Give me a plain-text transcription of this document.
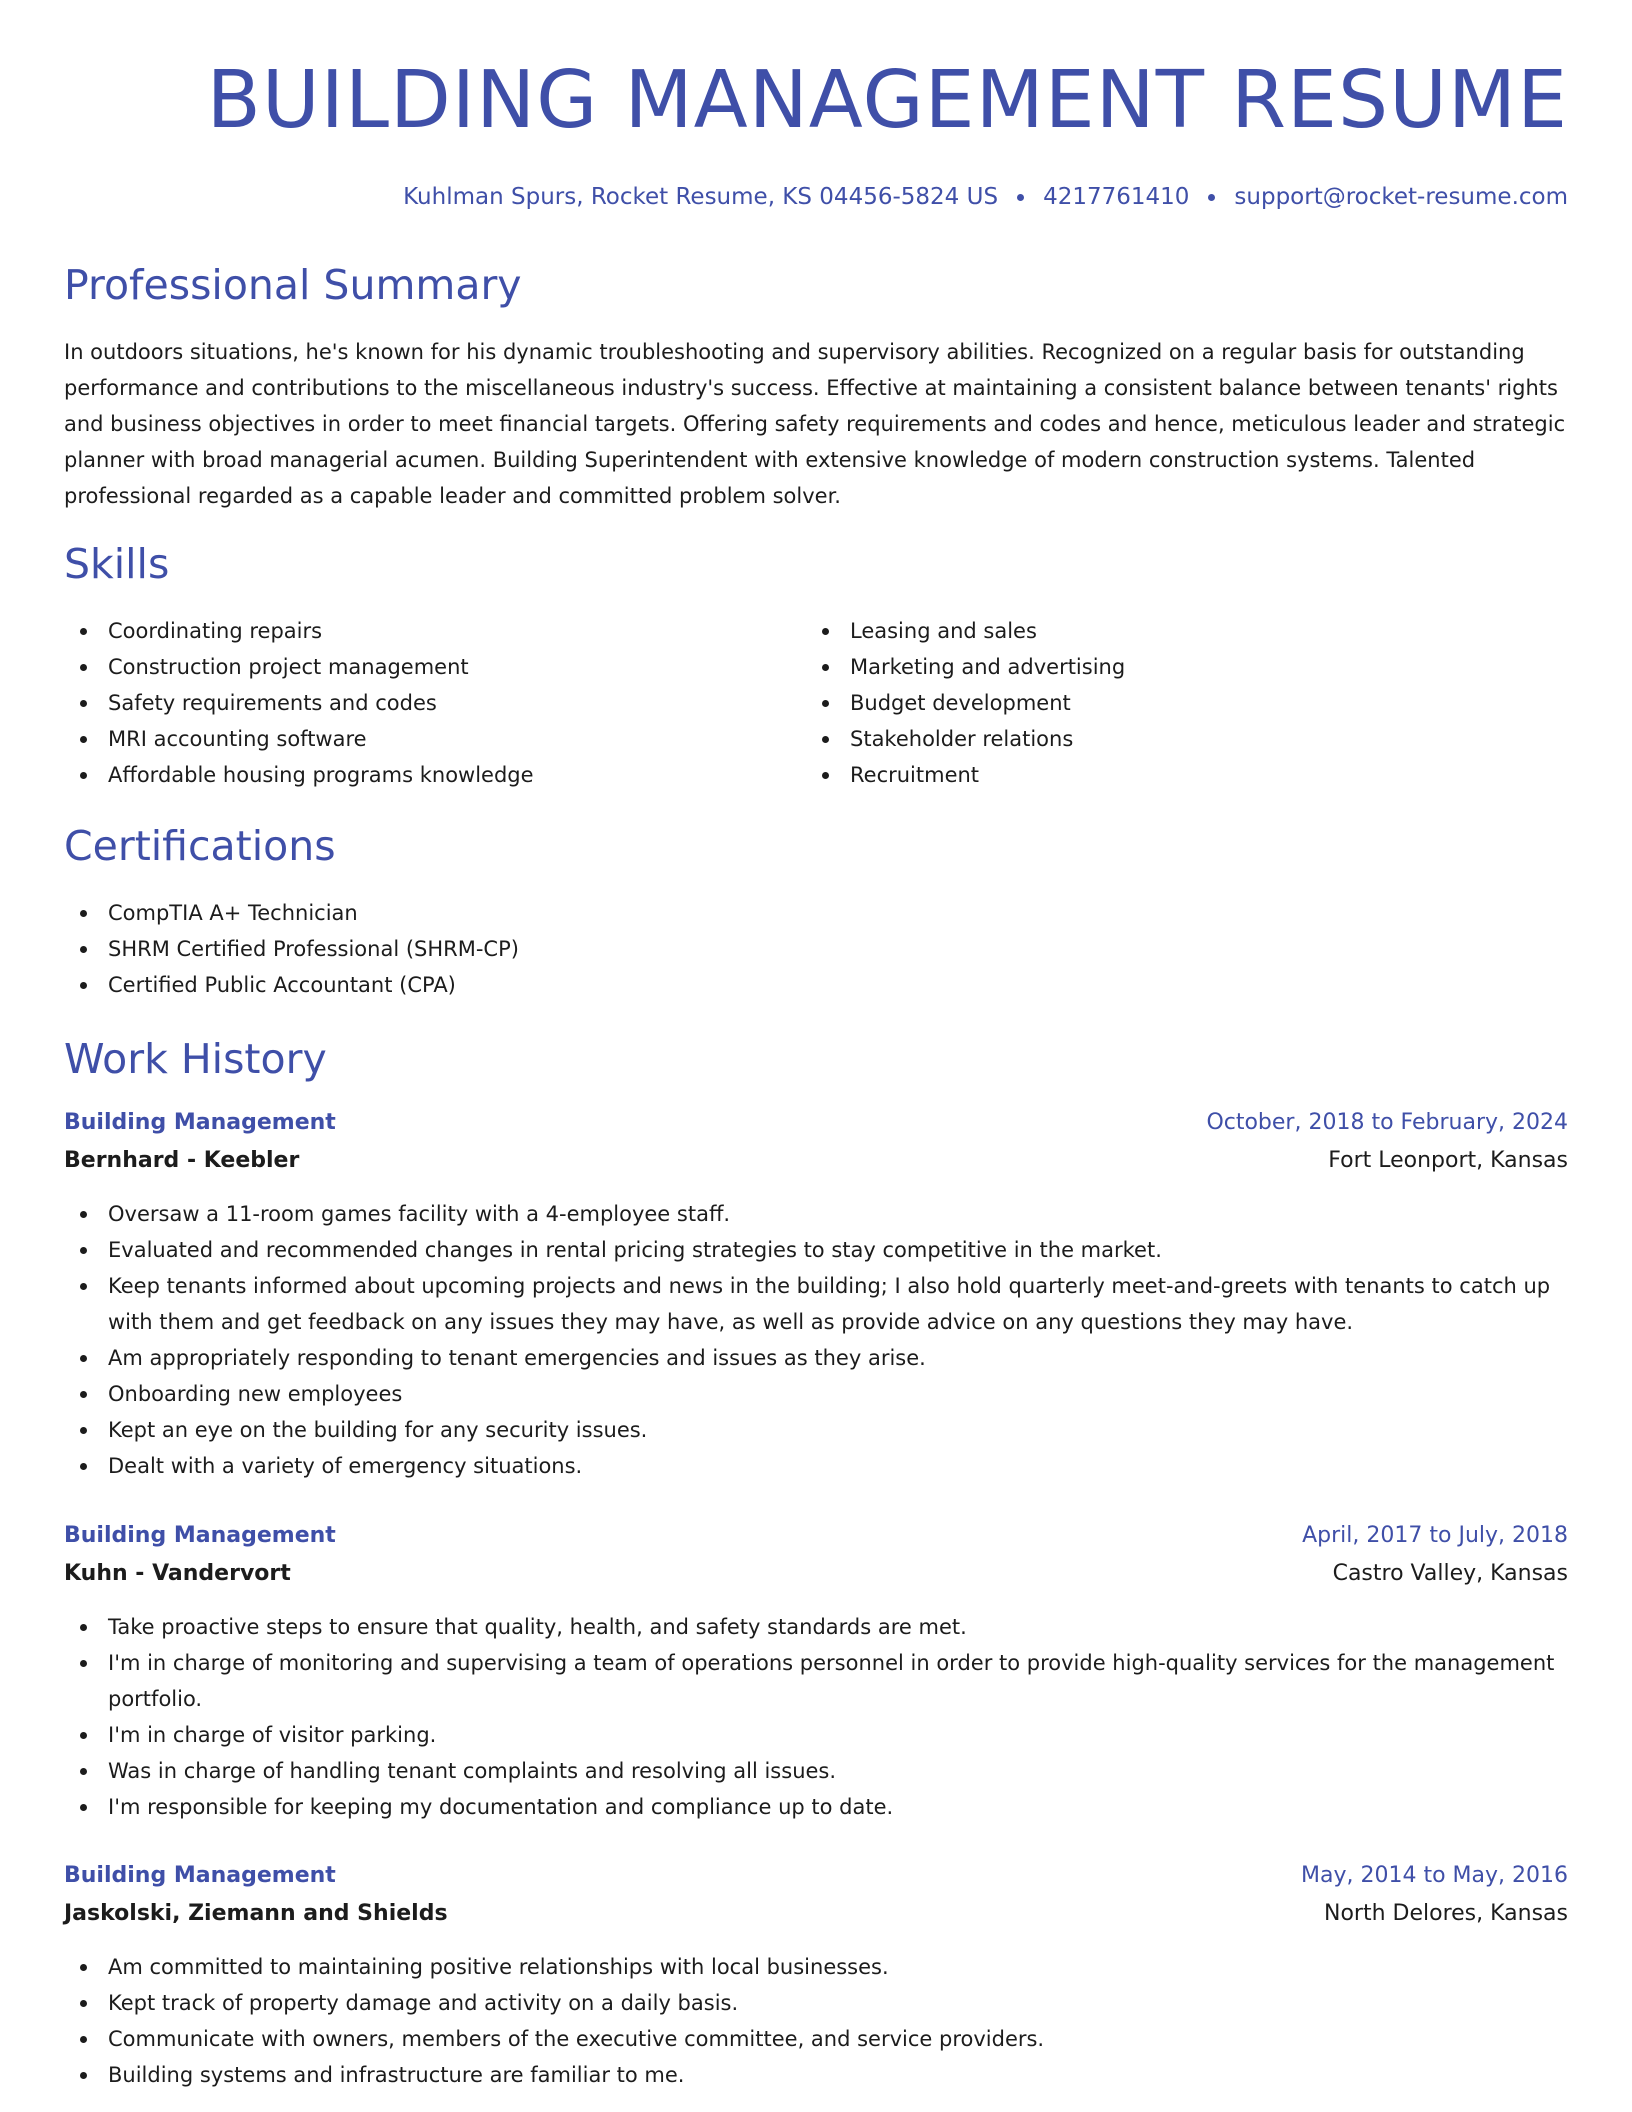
BUILDING MANAGEMENT RESUME
Kuhlman Spurs, Rocket Resume, KS 04456-5824 US 4217761410 support@rocket-resume.com
Professional Summary

In outdoors situations, he's known for his dynamic troubleshooting and supervisory abilities. Recognized on a regular basis for outstanding performance and contributions to the miscellaneous industry's success. Effective at maintaining a consistent balance between tenants' rights and business objectives in order to meet financial targets. Offering safety requirements and codes and hence, meticulous leader and strategic planner with broad managerial acumen. Building Superintendent with extensive knowledge of modern construction systems. Talented professional regarded as a capable leader and committed problem solver.

Skills
Coordinating repairs
Construction project management
Safety requirements and codes
MRI accounting software
Affordable housing programs knowledge
Leasing and sales
Marketing and advertising
Budget development
Stakeholder relations
Recruitment
Certifications
CompTIA A+ Technician
SHRM Certified Professional (SHRM-CP)
Certified Public Accountant (CPA)
Work History
Building Management	October, 2018 to February, 2024
Bernhard - Keebler	Fort Leonport, Kansas
Oversaw a 11-room games facility with a 4-employee staff.
Evaluated and recommended changes in rental pricing strategies to stay competitive in the market.
Keep tenants informed about upcoming projects and news in the building; I also hold quarterly meet-and-greets with tenants to catch up with them and get feedback on any issues they may have, as well as provide advice on any questions they may have.
Am appropriately responding to tenant emergencies and issues as they arise.
Onboarding new employees
Kept an eye on the building for any security issues.
Dealt with a variety of emergency situations.
Building Management	April, 2017 to July, 2018
Kuhn - Vandervort	Castro Valley, Kansas
Take proactive steps to ensure that quality, health, and safety standards are met.
I'm in charge of monitoring and supervising a team of operations personnel in order to provide high-quality services for the management portfolio.
I'm in charge of visitor parking.
Was in charge of handling tenant complaints and resolving all issues.
I'm responsible for keeping my documentation and compliance up to date.
Building Management	May, 2014 to May, 2016
Jaskolski, Ziemann and Shields	North Delores, Kansas
Am committed to maintaining positive relationships with local businesses.
Kept track of property damage and activity on a daily basis.
Communicate with owners, members of the executive committee, and service providers.
Building systems and infrastructure are familiar to me.
